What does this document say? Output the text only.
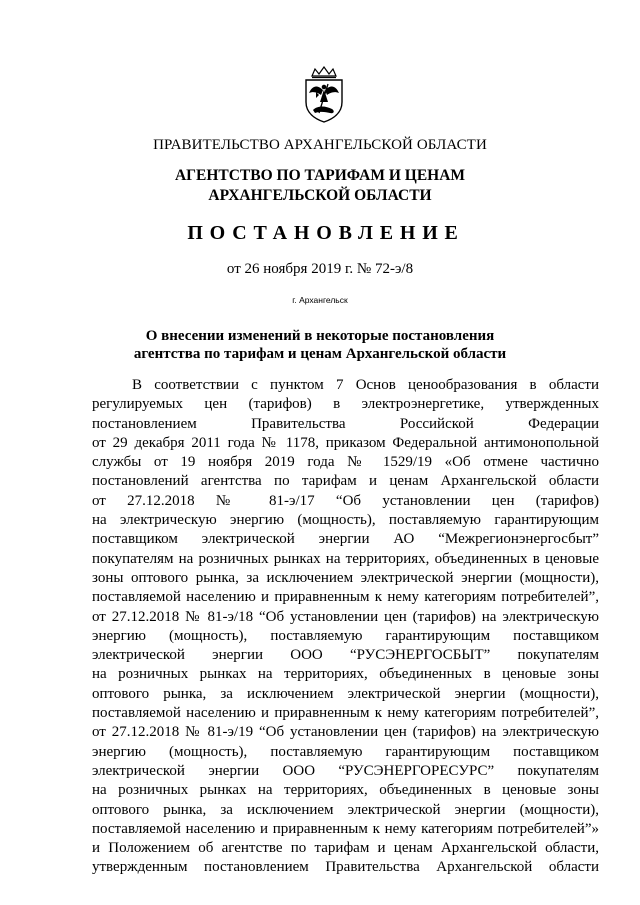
ПРАВИТЕЛЬСТВО АРХАНГЕЛЬСКОЙ ОБЛАСТИ
АГЕНТСТВО ПО ТАРИФАМ И ЦЕНАМ
АРХАНГЕЛЬСКОЙ ОБЛАСТИ
ПОСТАНОВЛЕНИЕ
от 26 ноября 2019 г. № 72-э/8
г. Архангельск
О внесении изменений в некоторые постановления
агентства по тарифам и ценам Архангельской области
В соответствии с пунктом 7 Основ ценообразования в области
регулируемых цен (тарифов) в электроэнергетике, утвержденных
постановлением Правительства Российской Федерации
от 29 декабря 2011 года № 1178, приказом Федеральной антимонопольной
службы от 19 ноября 2019 года № 1529/19 «Об отмене частично
постановлений агентства по тарифам и ценам Архангельской области
от 27.12.2018 № 81-э/17 “Об установлении цен (тарифов)
на электрическую энергию (мощность), поставляемую гарантирующим
поставщиком электрической энергии АО “Межрегионэнергосбыт”
покупателям на розничных рынках на территориях, объединенных в ценовые
зоны оптового рынка, за исключением электрической энергии (мощности),
поставляемой населению и приравненным к нему категориям потребителей”,
от 27.12.2018 № 81-э/18 “Об установлении цен (тарифов) на электрическую
энергию (мощность), поставляемую гарантирующим поставщиком
электрической энергии ООО “РУСЭНЕРГОСБЫТ” покупателям
на розничных рынках на территориях, объединенных в ценовые зоны
оптового рынка, за исключением электрической энергии (мощности),
поставляемой населению и приравненным к нему категориям потребителей”,
от 27.12.2018 № 81-э/19 “Об установлении цен (тарифов) на электрическую
энергию (мощность), поставляемую гарантирующим поставщиком
электрической энергии ООО “РУСЭНЕРГОРЕСУРС” покупателям
на розничных рынках на территориях, объединенных в ценовые зоны
оптового рынка, за исключением электрической энергии (мощности),
поставляемой населению и приравненным к нему категориям потребителей”»
и Положением об агентстве по тарифам и ценам Архангельской области,
утвержденным постановлением Правительства Архангельской области
